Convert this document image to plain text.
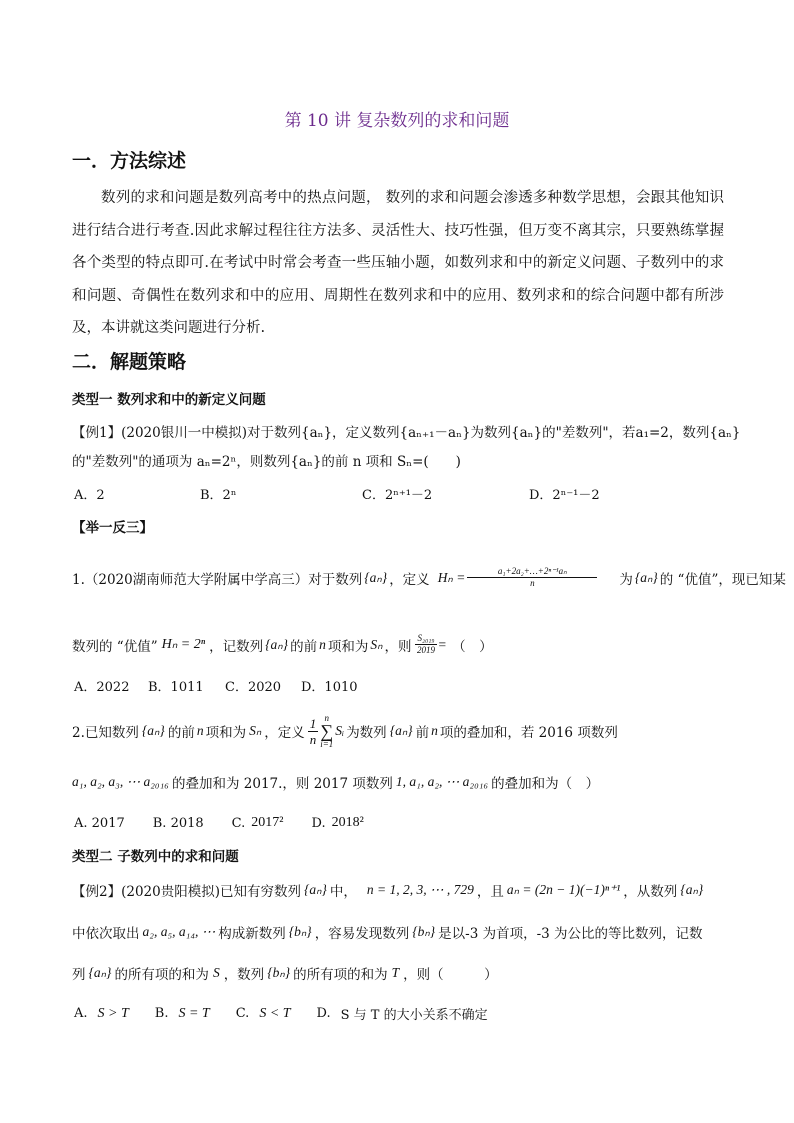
第 10 讲 复杂数列的求和问题
一．方法综述
数列的求和问题是数列高考中的热点问题， 数列的求和问题会渗透多种数学思想，会跟其他知识进行结合进行考查.因此求解过程往往方法多、灵活性大、技巧性强，但万变不离其宗，只要熟练掌握各个类型的特点即可.在考试中时常会考查一些压轴小题，如数列求和中的新定义问题、子数列中的求和问题、奇偶性在数列求和中的应用、周期性在数列求和中的应用、数列求和的综合问题中都有所涉及，本讲就这类问题进行分析.
二．解题策略
类型一 数列求和中的新定义问题
【例1】(2020银川一中模拟)对于数列{aₙ}，定义数列{aₙ₊₁－aₙ}为数列{aₙ}的"差数列"，若a₁=2，数列{aₙ}
的"差数列"的通项为 aₙ=2ⁿ，则数列{aₙ}的前 n 项和 Sₙ=(　　)
A．2	B．2ⁿ	C．2ⁿ⁺¹－2	D．2ⁿ⁻¹－2
【举一反三】
1.（2020湖南师范大学附属中学高三）对于数列 {aₙ} ，定义 $H_n = \frac{\text{a₁+2a₂+…+2ⁿ⁻¹aₙ}}{n}$ 为 {aₙ} 的 “优值”，现已知某
数列的 “优值” Hₙ = 2ⁿ ，记数列 {aₙ} 的前 n 项和为 Sₙ ，则 $\frac{\text{S₂₀₁₉}}{2019}$ = （　）
A．2022 B．1011 C．2020 D．1010
2.已知数列 {aₙ} 的前 n 项和为 Sₙ ，定义 $\frac{1}{n}$ n
∑
i=1
Sᵢ 为数列 {aₙ} 前 n 项的叠加和，若 2016 项数列
a₁, a₂, a₃, ⋯ a₂₀₁₆ 的叠加和为 2017.，则 2017 项数列 1, a₁, a₂, ⋯ a₂₀₁₆ 的叠加和为（　）
A. 2017 B. 2018 C. 2017² D. 2018²
类型二 子数列中的求和问题
【例2】(2020贵阳模拟)已知有穷数列 {aₙ} 中， n = 1, 2, 3, ⋯ , 729 ，且 aₙ = (2n − 1)(−1)ⁿ⁺¹ ，从数列 {aₙ}
中依次取出 a₂, a₅, a₁₄, ⋯ 构成新数列 {bₙ} ，容易发现数列 {bₙ} 是以-3 为首项，-3 为公比的等比数列，记数
列 {aₙ} 的所有项的和为 S ，数列 {bₙ} 的所有项的和为 T ，则（　　　）
A. S > T B. S = T C. S < T D. S 与 T 的大小关系不确定
